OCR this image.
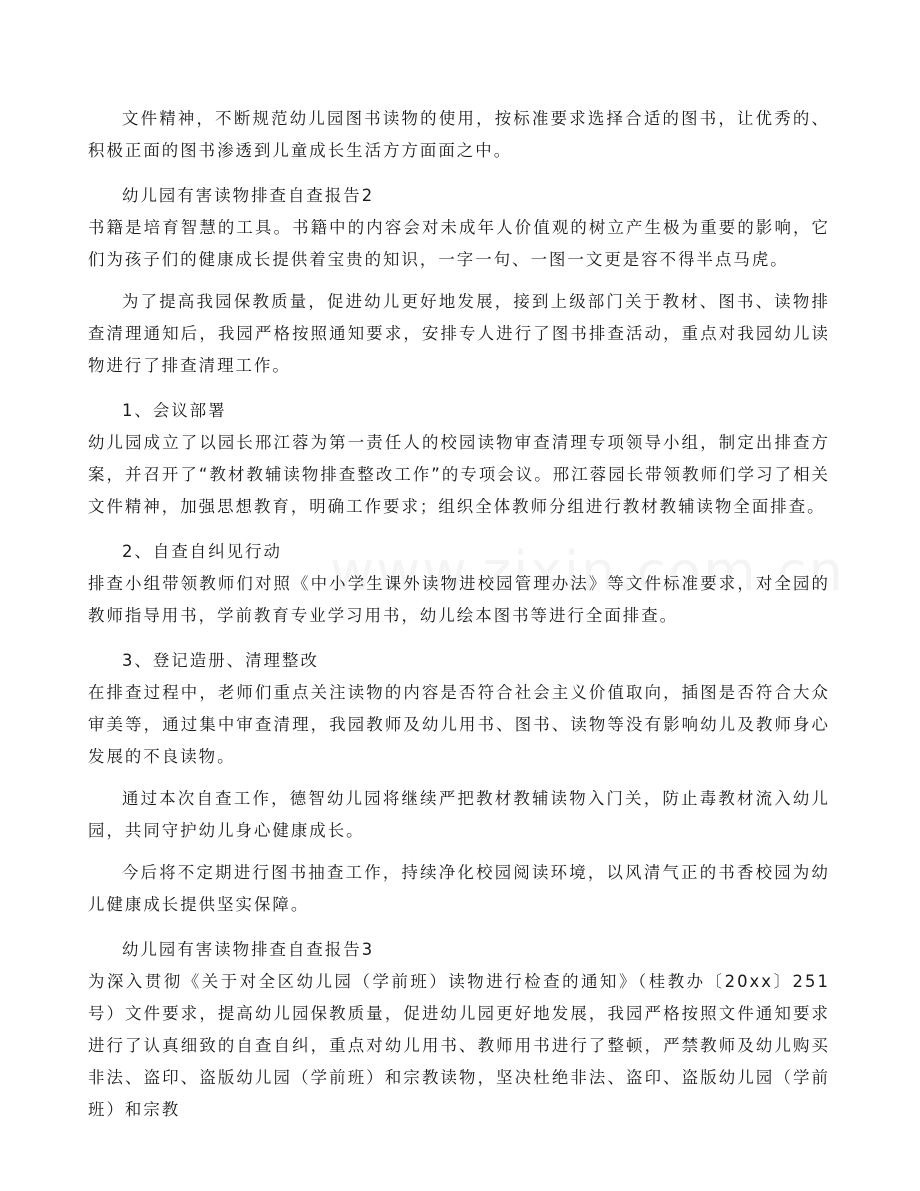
文件精神，不断规范幼儿园图书读物的使用，按标准要求选择合适的图书，让优秀的、积极正面的图书渗透到儿童成长生活方方面面之中。

幼儿园有害读物排查自查报告2

书籍是培育智慧的工具。书籍中的内容会对未成年人价值观的树立产生极为重要的影响，它们为孩子们的健康成长提供着宝贵的知识，一字一句、一图一文更是容不得半点马虎。

为了提高我园保教质量，促进幼儿更好地发展，接到上级部门关于教材、图书、读物排查清理通知后，我园严格按照通知要求，安排专人进行了图书排查活动，重点对我园幼儿读物进行了排查清理工作。

1、会议部署

幼儿园成立了以园长邢江蓉为第一责任人的校园读物审查清理专项领导小组，制定出排查方案，并召开了“教材教辅读物排查整改工作”的专项会议。邢江蓉园长带领教师们学习了相关文件精神，加强思想教育，明确工作要求；组织全体教师分组进行教材教辅读物全面排查。

2、自查自纠见行动

排查小组带领教师们对照《中小学生课外读物进校园管理办法》等文件标准要求，对全园的教师指导用书，学前教育专业学习用书，幼儿绘本图书等进行全面排查。

3、登记造册、清理整改

在排查过程中，老师们重点关注读物的内容是否符合社会主义价值取向，插图是否符合大众审美等，通过集中审查清理，我园教师及幼儿用书、图书、读物等没有影响幼儿及教师身心发展的不良读物。

通过本次自查工作，德智幼儿园将继续严把教材教辅读物入门关，防止毒教材流入幼儿园，共同守护幼儿身心健康成长。

今后将不定期进行图书抽查工作，持续净化校园阅读环境，以风清气正的书香校园为幼儿健康成长提供坚实保障。

幼儿园有害读物排查自查报告3

为深入贯彻《关于对全区幼儿园（学前班）读物进行检查的通知》（桂教办〔20xx〕251号）文件要求，提高幼儿园保教质量，促进幼儿园更好地发展，我园严格按照文件通知要求进行了认真细致的自查自纠，重点对幼儿用书、教师用书进行了整顿，严禁教师及幼儿购买非法、盗印、盗版幼儿园（学前班）和宗教读物，坚决杜绝非法、盗印、盗版幼儿园（学前班）和宗教
